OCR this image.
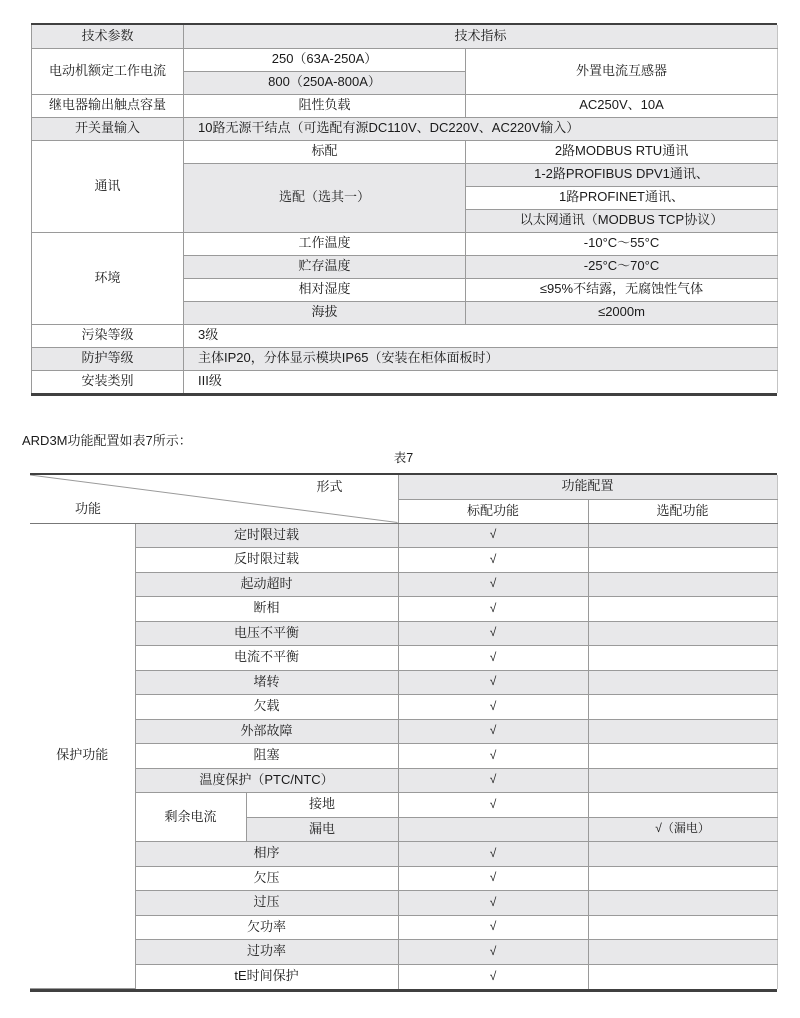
技术参数	技术指标	
电动机额定工作电流	250（63A-250A）	外置电流互感器
	800（250A-800A）	
继电器输出触点容量	阻性负载	AC250V、10A
开关量输入	10路无源干结点（可选配有源DC110V、DC220V、AC220V输入）	
通讯	标配	2路MODBUS RTU通讯
	选配（选其一）	1-2路PROFIBUS DPV1通讯、
		1路PROFINET通讯、
		以太网通讯（MODBUS TCP协议）
环境	工作温度	-10°C～55°C
	贮存温度	-25°C～70°C
	相对湿度	≤95%不结露，无腐蚀性气体
	海拔	≤2000m
污染等级	3级	
防护等级	主体IP20，分体显示模块IP65（安装在柜体面板时）	
安装类别	III级	
ARD3M功能配置如表7所示：
表7
形式
功能			功能配置	
			标配功能	选配功能
保护功能	定时限过载		√	
	反时限过载		√	
	起动超时		√	
	断相		√	
	电压不平衡		√	
	电流不平衡		√	
	堵转		√	
	欠载		√	
	外部故障		√	
	阻塞		√	
	温度保护（PTC/NTC）		√	
	剩余电流	接地	√	
		漏电		√（漏电）
	相序		√	
	欠压		√	
	过压		√	
	欠功率		√	
	过功率		√	
	tE时间保护		√	
